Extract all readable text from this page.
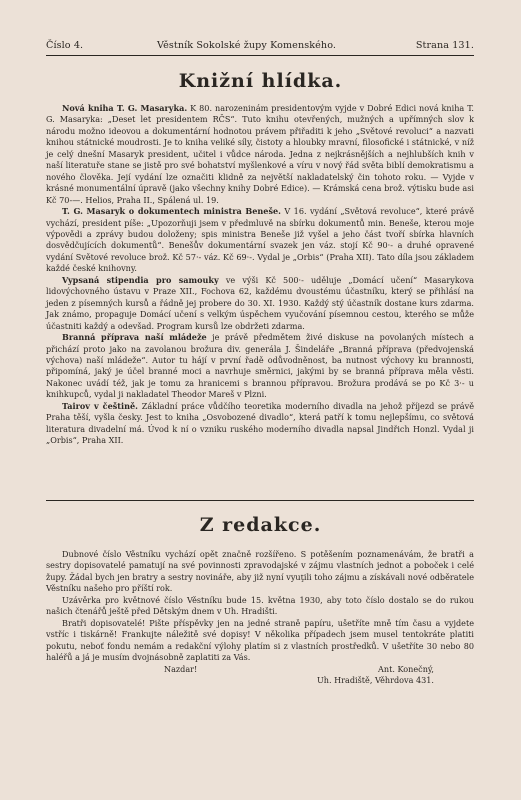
Číslo 4.	Věstník Sokolské župy Komenského.	Strana 131.
Knižní hlídka.

Nová kniha T. G. Masaryka. K 80. narozeninám presidentovým vyjde v Dobré Edici nová kniha T. G. Masaryka: „Deset let presidentem RČS“. Tuto knihu otevřených, mužných a upřímných slov k národu možno ideovou a dokumentární hodnotou právem přiřaditi k jeho „Světové revoluci“ a nazvati knihou státnické moudrosti. Je to kniha veliké síly, čistoty a hloubky mravní, filosofické i státnické, v níž je celý dnešní Masaryk president, učitel i vůdce národa. Jedna z nejkrásnějších a nejhlubších knih v naší literatuře stane se jistě pro své bohatství myšlenkové a víru v nový řád světa biblí demokratismu a nového člověka. Její vydání lze označiti klidně za největší nakladatelský čin tohoto roku. — Vyjde v krásné monumentální úpravě (jako všechny knihy Dobré Edice). — Krámská cena brož. výtisku bude asi Kč 70-—. Helios, Praha II., Spálená ul. 19.

T. G. Masaryk o dokumentech ministra Beneše. V 16. vydání „Světová revoluce“, které právě vychází, president píše: „Upozorňuji jsem v předmluvě na sbírku dokumentů min. Beneše, kterou moje výpovědi a zprávy budou doloženy; spis ministra Beneše již vyšel a jeho část tvoří sbírka hlavních dosvědčujících dokumentů“. Benešův dokumentární svazek jen váz. stojí Kč 90·- a druhé opravené vydání Světové revoluce brož. Kč 57·- váz. Kč 69·-. Vydal je „Orbis“ (Praha XII). Tato díla jsou základem každé české knihovny.

Vypsaná stipendia pro samouky ve výši Kč 500·- uděluje „Domácí učení“ Masarykova lidovýchovného ústavu v Praze XII., Fochova 62, každému dvoustému účastníku, který se přihlásí na jeden z písemných kursů a řádně jej probere do 30. XI. 1930. Každý stý účastník dostane kurs zdarma. Jak známo, propaguje Domácí učení s velkým úspěchem vyučování písemnou cestou, kterého se může účastniti každý a odevšad. Program kursů lze obdržeti zdarma.

Branná příprava naší mládeže je právě předmětem živé diskuse na povolaných místech a přichází proto jako na zavolanou brožura div. generála J. Šindeláře „Branná příprava (předvojenská výchova) naší mládeže“. Autor tu hájí v první řadě odůvodněnost, ba nutnost výchovy ku brannosti, připomíná, jaký je účel branné moci a navrhuje směrnici, jakými by se branná příprava měla věsti. Nakonec uvádí též, jak je tomu za hranicemi s brannou přípravou. Brožura prodává se po Kč 3·- u knihkupců, vydal ji nakladatel Theodor Mareš v Plzni.

Tairov v češtině. Základní práce vůdčího teoretika moderního divadla na jehož příjezd se právě Praha těší, vyšla česky. Jest to kniha „Osvobozené divadlo“, která patří k tomu nejlepšímu, co světová literatura divadelní má. Úvod k ní o vzniku ruského moderního divadla napsal Jindřich Honzl. Vydal ji „Orbis“, Praha XII.

Z redakce.

Dubnové číslo Věstníku vychází opět značně rozšířeno. S potěšením poznamenávám, že bratři a sestry dopisovatelé pamatují na své povinnosti zpravodajské v zájmu vlastních jednot a poboček i celé župy. Žádal bych jen bratry a sestry novináře, aby již nyní vyuţili toho zájmu a získávali nové odběratele Věstníku našeho pro příští rok.

Uzávěrka pro květnové číslo Věstníku bude 15. května 1930, aby toto číslo dostalo se do rukou našich čtenářů ještě před Dětským dnem v Uh. Hradišti.

Bratři dopisovatelé! Pište příspěvky jen na jedné straně papíru, ušetříte mně tím času a vyjdete vstříc i tiskárně! Frankujte náležitě své dopisy! V několika případech jsem musel tentokráte platiti pokutu, neboť fondu nemám a redakční výlohy platím si z vlastních prostředků. V ušetříte 30 nebo 80 haléřů a já je musím dvojnásobně zaplatiti za Vás.

Nazdar!	Ant. Konečný,
Uh. Hradiště, Věhrdova 431.
